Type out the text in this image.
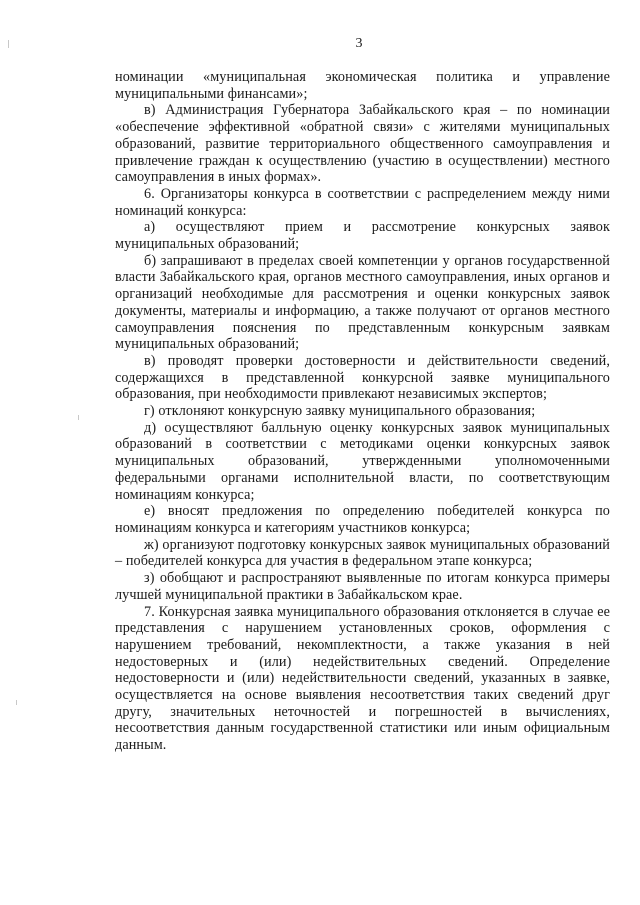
3

номинации «муниципальная экономическая политика и управление муниципальными финансами»;

в) Администрация Губернатора Забайкальского края – по номинации «обеспечение эффективной «обратной связи» с жителями муниципальных образований, развитие территориального общественного самоуправления и привлечение граждан к осуществлению (участию в осуществлении) местного самоуправления в иных формах».

6. Организаторы конкурса в соответствии с распределением между ними номинаций конкурса:

а) осуществляют прием и рассмотрение конкурсных заявок муниципальных образований;

б) запрашивают в пределах своей компетенции у органов государственной власти Забайкальского края, органов местного самоуправления, иных органов и организаций необходимые для рассмотрения и оценки конкурсных заявок документы, материалы и информацию, а также получают от органов местного самоуправления пояснения по представленным конкурсным заявкам муниципальных образований;

в) проводят проверки достоверности и действительности сведений, содержащихся в представленной конкурсной заявке муниципального образования, при необходимости привлекают независимых экспертов;

г) отклоняют конкурсную заявку муниципального образования;

д) осуществляют балльную оценку конкурсных заявок муниципальных образований в соответствии с методиками оценки конкурсных заявок муниципальных образований, утвержденными уполномоченными федеральными органами исполнительной власти, по соответствующим номинациям конкурса;

е) вносят предложения по определению победителей конкурса по номинациям конкурса и категориям участников конкурса;

ж) организуют подготовку конкурсных заявок муниципальных образований – победителей конкурса для участия в федеральном этапе конкурса;

з) обобщают и распространяют выявленные по итогам конкурса примеры лучшей муниципальной практики в Забайкальском крае.

7. Конкурсная заявка муниципального образования отклоняется в случае ее представления с нарушением установленных сроков, оформления с нарушением требований, некомплектности, а также указания в ней недостоверных и (или) недействительных сведений. Определение недостоверности и (или) недействительности сведений, указанных в заявке, осуществляется на основе выявления несоответствия таких сведений друг другу, значительных неточностей и погрешностей в вычислениях, несоответствия данным государственной статистики или иным официальным данным.
